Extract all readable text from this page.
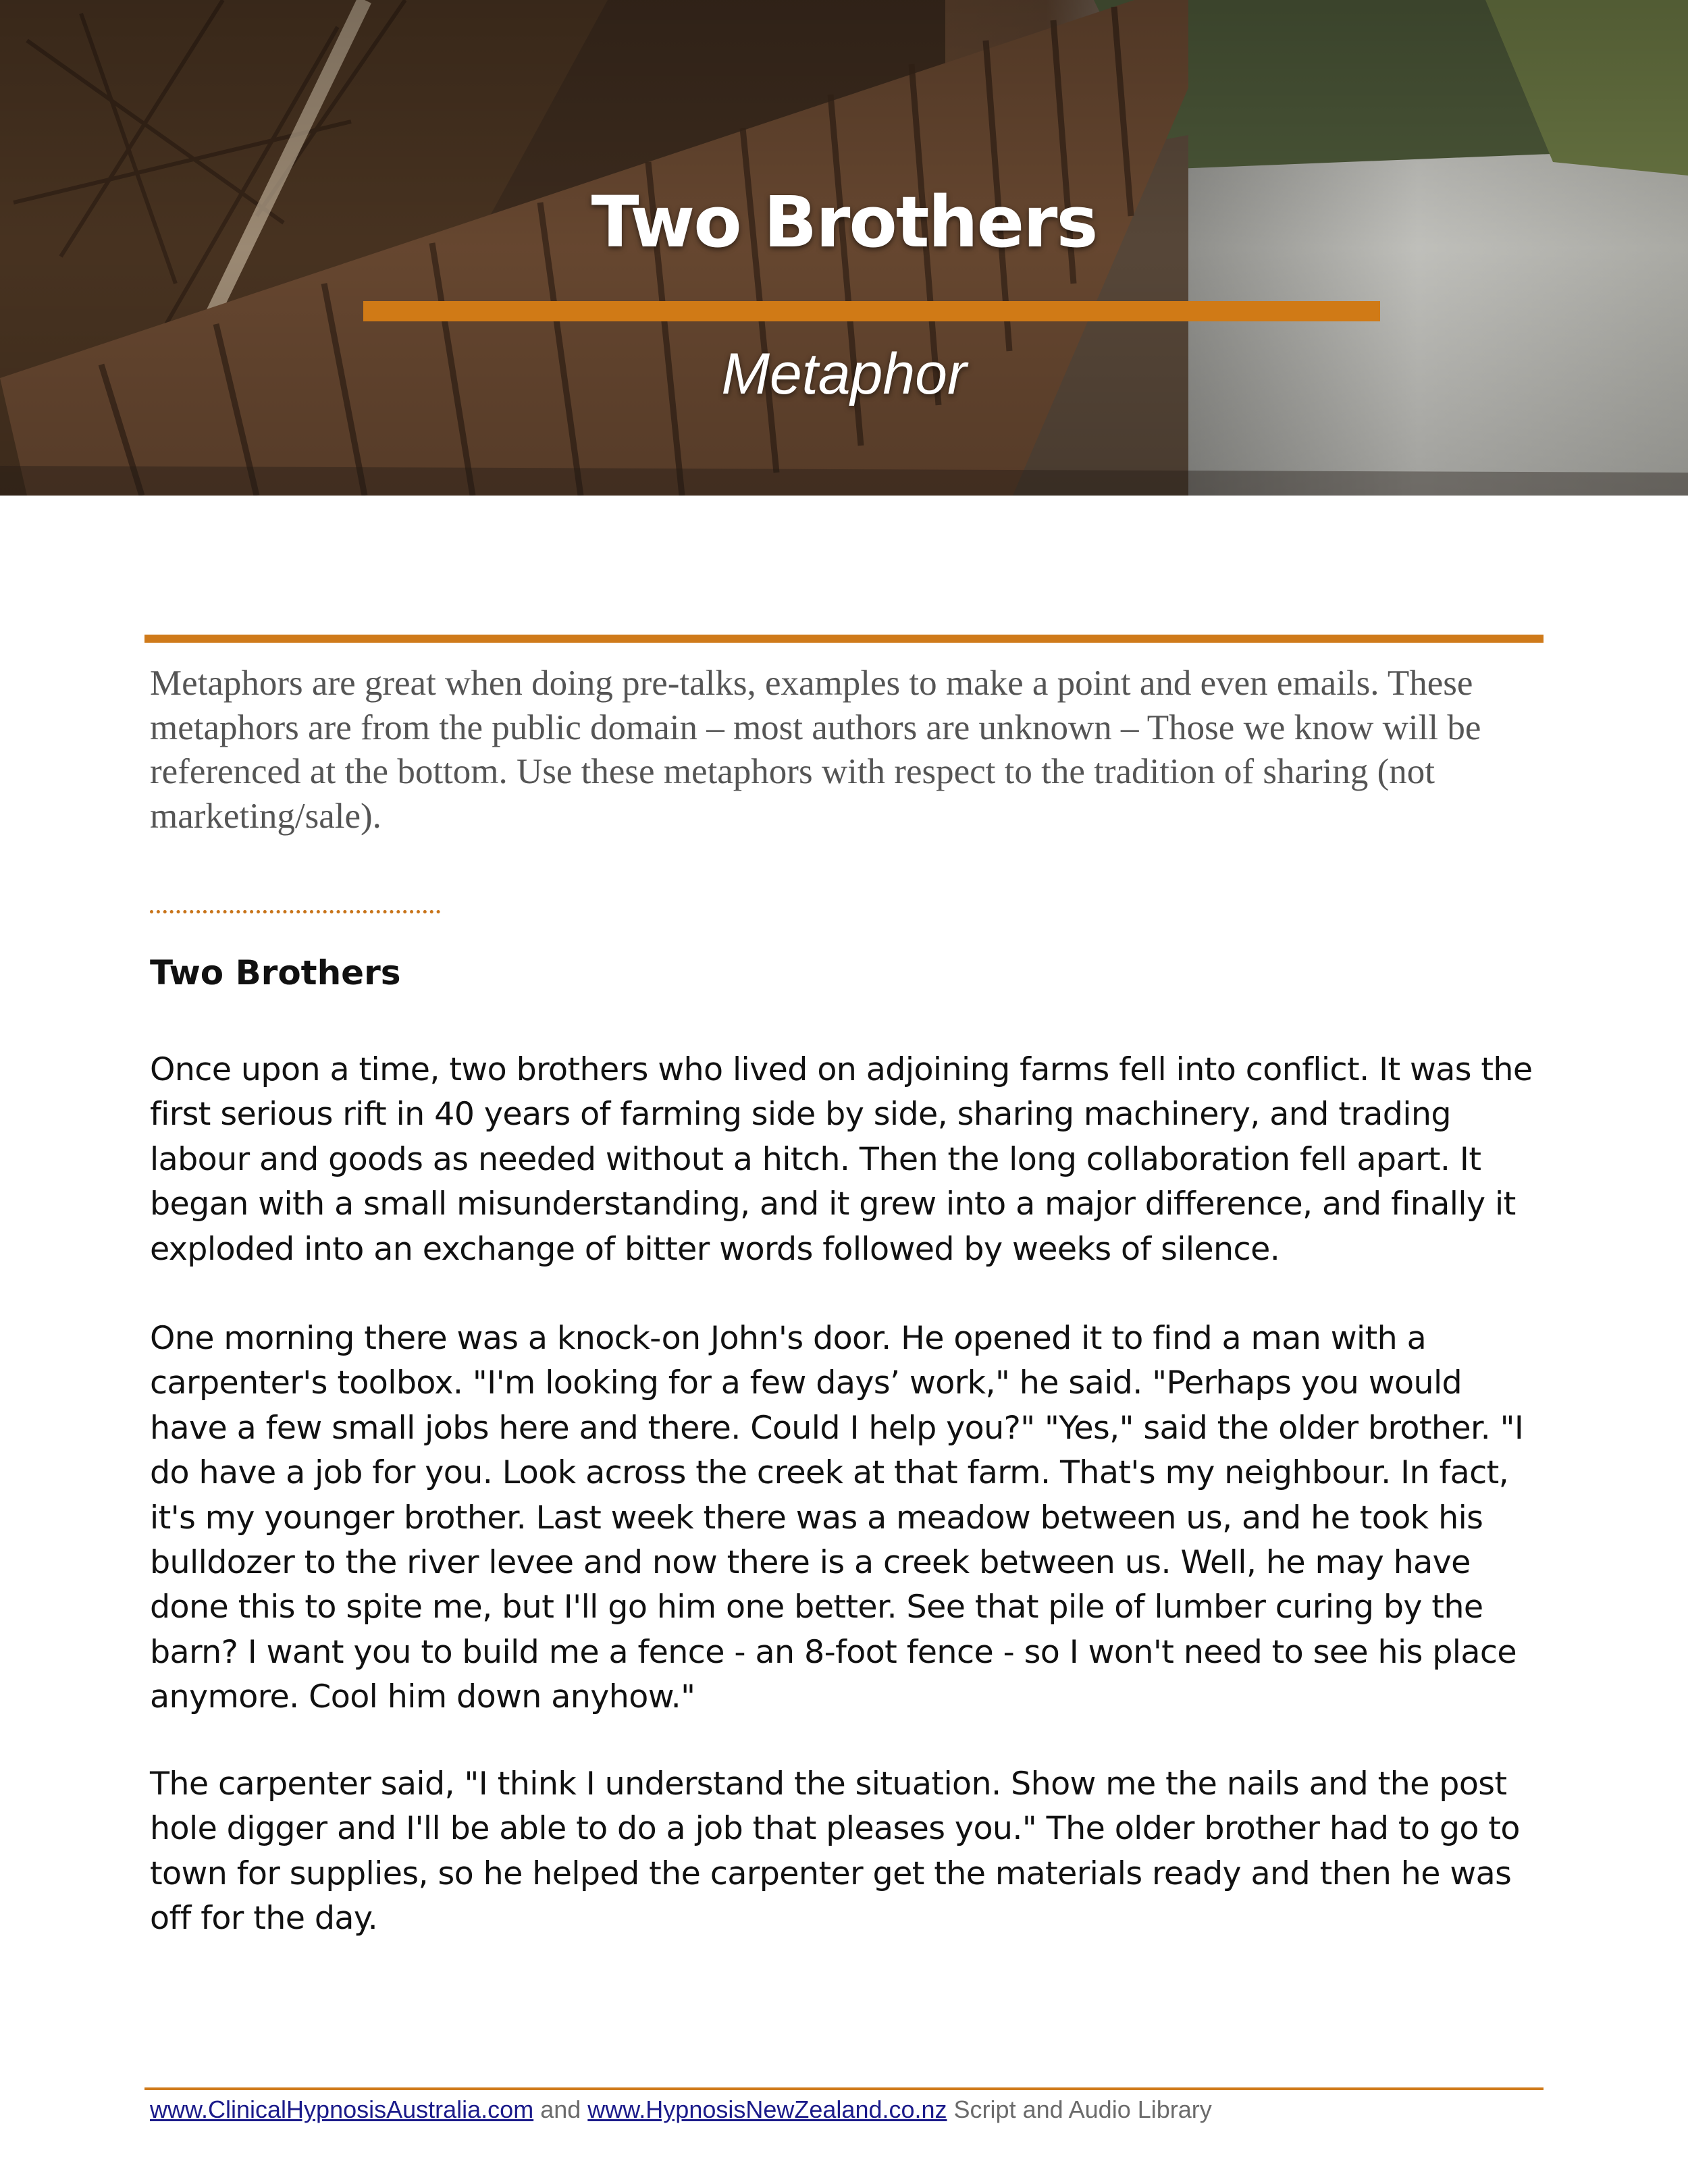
Two Brothers
Metaphor

Metaphors are great when doing pre-talks, examples to make a point and even emails. These metaphors are from the public domain – most authors are unknown – Those we know will be referenced at the bottom. Use these metaphors with respect to the tradition of sharing (not marketing/sale).

Two Brothers

Once upon a time, two brothers who lived on adjoining farms fell into conflict. It was the first serious rift in 40 years of farming side by side, sharing machinery, and trading labour and goods as needed without a hitch. Then the long collaboration fell apart. It began with a small misunderstanding, and it grew into a major difference, and finally it exploded into an exchange of bitter words followed by weeks of silence.

One morning there was a knock-on John's door. He opened it to find a man with a carpenter's toolbox. "I'm looking for a few days’ work," he said. "Perhaps you would have a few small jobs here and there. Could I help you?" "Yes," said the older brother. "I do have a job for you. Look across the creek at that farm. That's my neighbour. In fact, it's my younger brother. Last week there was a meadow between us, and he took his bulldozer to the river levee and now there is a creek between us. Well, he may have done this to spite me, but I'll go him one better. See that pile of lumber curing by the barn? I want you to build me a fence - an 8-foot fence - so I won't need to see his place anymore. Cool him down anyhow."

The carpenter said, "I think I understand the situation. Show me the nails and the post hole digger and I'll be able to do a job that pleases you." The older brother had to go to town for supplies, so he helped the carpenter get the materials ready and then he was off for the day.

www.ClinicalHypnosisAustralia.com and www.HypnosisNewZealand.co.nz Script and Audio Library
